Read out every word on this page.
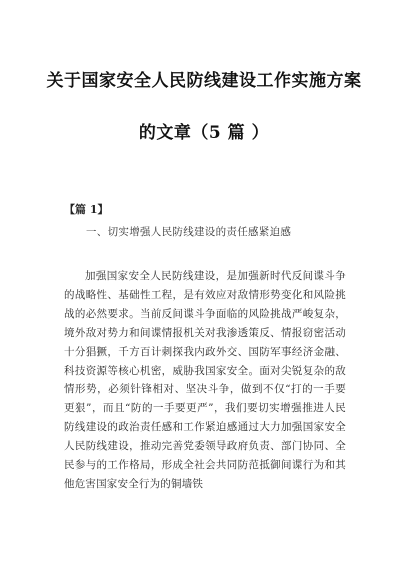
关于国家安全人民防线建设工作实施方案
的文章（5 篇 ）
【篇 1】
一、切实增强人民防线建设的责任感紧迫感
加强国家安全人民防线建设，是加强新时代反间谍斗争的战略性、基础性工程，是有效应对敌情形势变化和风险挑战的必然要求。当前反间谍斗争面临的风险挑战严峻复杂，境外敌对势力和间谍情报机关对我渗透策反、情报窃密活动十分猖獗，千方百计刺探我内政外交、国防军事经济金融、科技资源等核心机密，威胁我国家安全。面对尖锐复杂的敌情形势，必须针锋相对、坚决斗争，做到不仅“打的一手要更狠”，而且“防的一手要更严”，我们要切实增强推进人民防线建设的政治责任感和工作紧迫感通过大力加强国家安全人民防线建设，推动完善党委领导政府负责、部门协同、全民参与的工作格局，形成全社会共同防范抵御间谍行为和其他危害国家安全行为的铜墙铁
